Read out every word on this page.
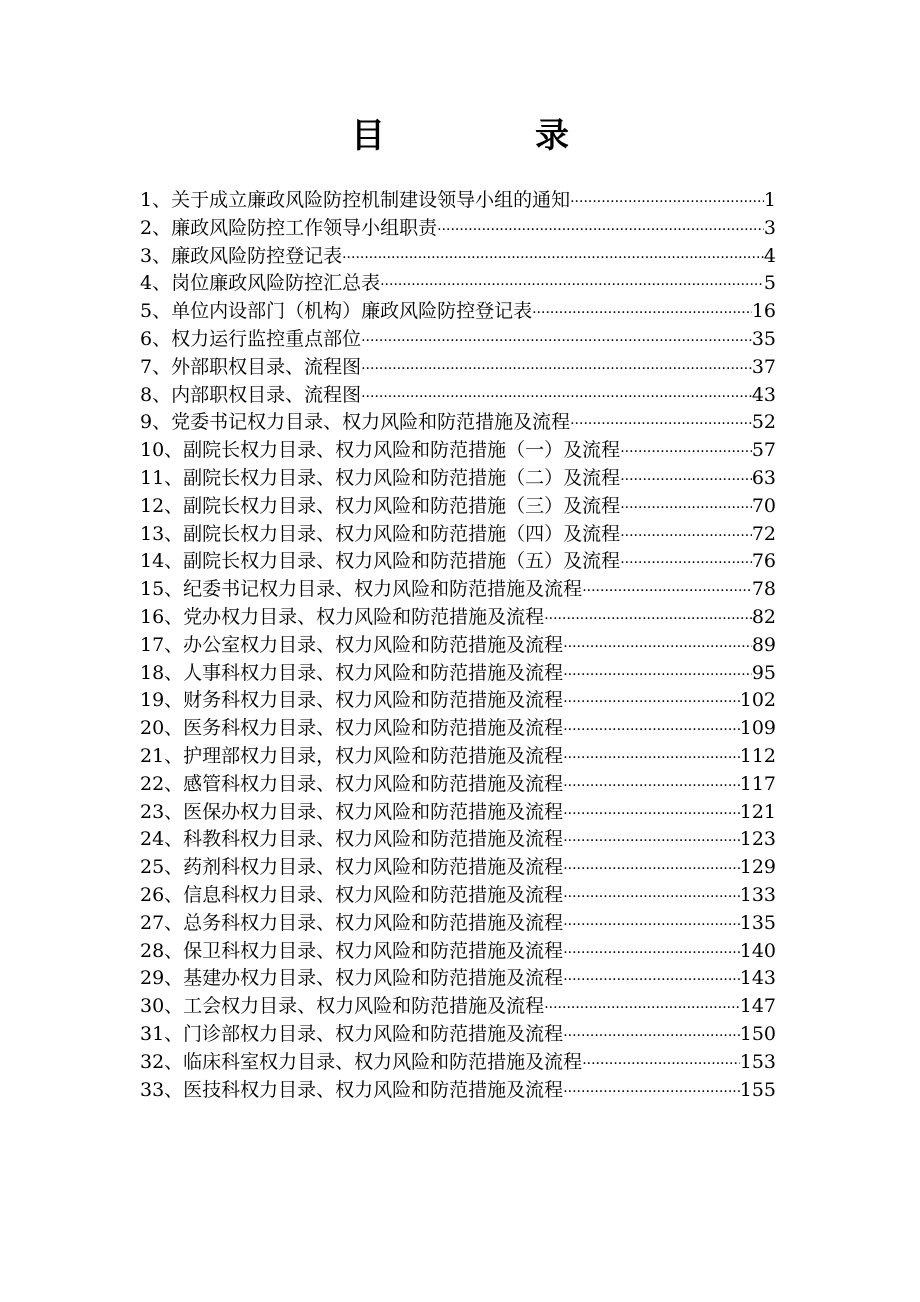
目　录
1、关于成立廉政风险防控机制建设领导小组的通知 ·····	1
2、廉政风险防控工作领导小组职责 ·····	3
3、廉政风险防控登记表 ·····	4
4、岗位廉政风险防控汇总表 ·····	5
5、单位内设部门（机构）廉政风险防控登记表 ·····	16
6、权力运行监控重点部位 ·····	35
7、外部职权目录、流程图 ·····	37
8、内部职权目录、流程图 ·····	43
9、党委书记权力目录、权力风险和防范措施及流程 ·····	52
10、副院长权力目录、权力风险和防范措施（一）及流程 ·····	57
11、副院长权力目录、权力风险和防范措施（二）及流程 ·····	63
12、副院长权力目录、权力风险和防范措施（三）及流程 ·····	70
13、副院长权力目录、权力风险和防范措施（四）及流程 ·····	72
14、副院长权力目录、权力风险和防范措施（五）及流程 ·····	76
15、纪委书记权力目录、权力风险和防范措施及流程 ·····	78
16、党办权力目录、权力风险和防范措施及流程 ·····	82
17、办公室权力目录、权力风险和防范措施及流程 ·····	89
18、人事科权力目录、权力风险和防范措施及流程 ·····	95
19、财务科权力目录、权力风险和防范措施及流程 ·····	102
20、医务科权力目录、权力风险和防范措施及流程 ·····	109
21、护理部权力目录，权力风险和防范措施及流程 ·····	112
22、感管科权力目录、权力风险和防范措施及流程 ·····	117
23、医保办权力目录、权力风险和防范措施及流程 ·····	121
24、科教科权力目录、权力风险和防范措施及流程 ·····	123
25、药剂科权力目录、权力风险和防范措施及流程 ·····	129
26、信息科权力目录、权力风险和防范措施及流程 ·····	133
27、总务科权力目录、权力风险和防范措施及流程 ·····	135
28、保卫科权力目录、权力风险和防范措施及流程 ·····	140
29、基建办权力目录、权力风险和防范措施及流程 ·····	143
30、工会权力目录、权力风险和防范措施及流程 ·····	147
31、门诊部权力目录、权力风险和防范措施及流程 ·····	150
32、临床科室权力目录、权力风险和防范措施及流程 ·····	153
33、医技科权力目录、权力风险和防范措施及流程 ·····	155
